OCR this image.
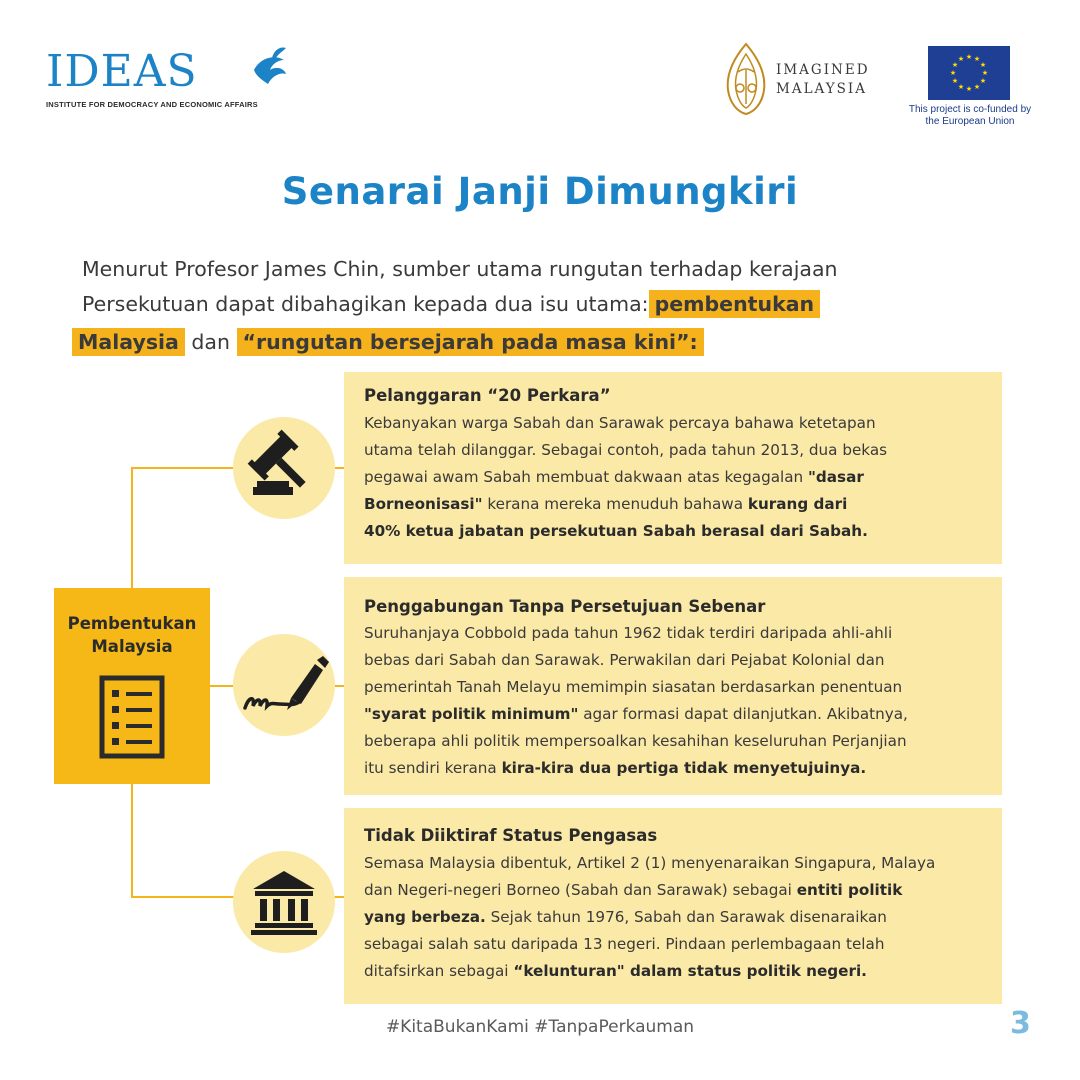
IDEAS
INSTITUTE FOR DEMOCRACY AND ECONOMIC AFFAIRS
IMAGINED
MALAYSIA
★ ★
★
★
★
★
★
★
★
★
★
★
This project is co-funded by
the European Union
Senarai Janji Dimungkiri
Menurut Profesor James Chin, sumber utama rungutan terhadap kerajaan
Persekutuan dapat dibahagikan kepada dua isu utama: pembentukan
Malaysia dan “rungutan bersejarah pada masa kini”:
Pembentukan
Malaysia
Pelanggaran “20 Perkara”
Kebanyakan warga Sabah dan Sarawak percaya bahawa ketetapan
utama telah dilanggar. Sebagai contoh, pada tahun 2013, dua bekas
pegawai awam Sabah membuat dakwaan atas kegagalan "dasar
Borneonisasi" kerana mereka menuduh bahawa kurang dari
40% ketua jabatan persekutuan Sabah berasal dari Sabah.
Penggabungan Tanpa Persetujuan Sebenar
Suruhanjaya Cobbold pada tahun 1962 tidak terdiri daripada ahli-ahli
bebas dari Sabah dan Sarawak. Perwakilan dari Pejabat Kolonial dan
pemerintah Tanah Melayu memimpin siasatan berdasarkan penentuan
"syarat politik minimum" agar formasi dapat dilanjutkan. Akibatnya,
beberapa ahli politik mempersoalkan kesahihan keseluruhan Perjanjian
itu sendiri kerana kira-kira dua pertiga tidak menyetujuinya.
Tidak Diiktiraf Status Pengasas
Semasa Malaysia dibentuk, Artikel 2 (1) menyenaraikan Singapura, Malaya
dan Negeri-negeri Borneo (Sabah dan Sarawak) sebagai entiti politik
yang berbeza. Sejak tahun 1976, Sabah dan Sarawak disenaraikan
sebagai salah satu daripada 13 negeri. Pindaan perlembagaan telah
ditafsirkan sebagai “kelunturan" dalam status politik negeri.
#KitaBukanKami #TanpaPerkauman	3
